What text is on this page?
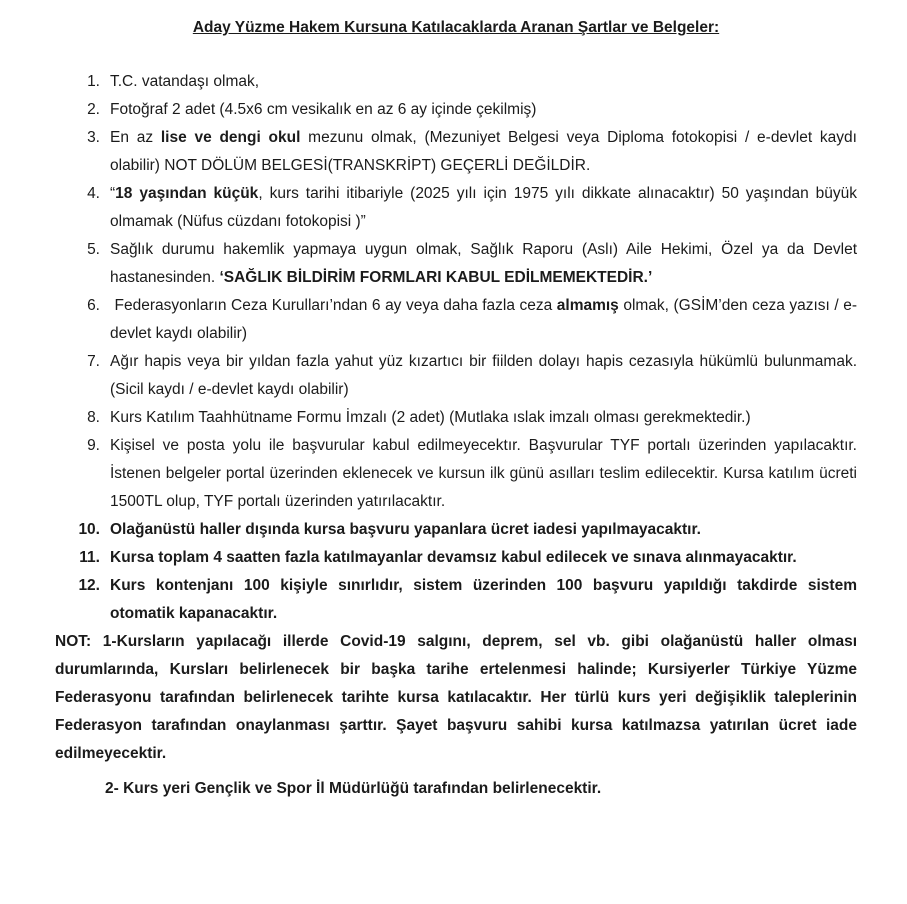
Aday Yüzme Hakem Kursuna Katılacaklarda Aranan Şartlar ve Belgeler:
1. T.C. vatandaşı olmak,
2. Fotoğraf 2 adet (4.5x6 cm vesikalık en az 6 ay içinde çekilmiş)
3. En az lise ve dengi okul mezunu olmak, (Mezuniyet Belgesi veya Diploma fotokopisi / e-devlet kaydı olabilir) NOT DÖLÜM BELGESİ(TRANSKRİPT) GEÇERLİ DEĞİLDİR.
4. “18 yaşından küçük, kurs tarihi itibariyle (2025 yılı için 1975 yılı dikkate alınacaktır) 50 yaşından büyük olmamak (Nüfus cüzdanı fotokopisi )”
5. Sağlık durumu hakemlik yapmaya uygun olmak, Sağlık Raporu (Aslı) Aile Hekimi, Özel ya da Devlet hastanesinden. ‘SAĞLIK BİLDİRİM FORMLARI KABUL EDİLMEMEKTEDİR.’
6. Federasyonların Ceza Kurulları’ndan 6 ay veya daha fazla ceza almamış olmak, (GSİM’den ceza yazısı / e-devlet kaydı olabilir)
7. Ağır hapis veya bir yıldan fazla yahut yüz kızartıcı bir fiilden dolayı hapis cezasıyla hükümlü bulunmamak. (Sicil kaydı / e-devlet kaydı olabilir)
8. Kurs Katılım Taahhütname Formu İmzalı (2 adet) (Mutlaka ıslak imzalı olması gerekmektedir.)
9. Kişisel ve posta yolu ile başvurular kabul edilmeyecektır. Başvurular TYF portalı üzerinden yapılacaktır. İstenen belgeler portal üzerinden eklenecek ve kursun ilk günü asılları teslim edilecektir. Kursa katılım ücreti 1500TL olup, TYF portalı üzerinden yatırılacaktır.
10. Olağanüstü haller dışında kursa başvuru yapanlara ücret iadesi yapılmayacaktır.
11. Kursa toplam 4 saatten fazla katılmayanlar devamsız kabul edilecek ve sınava alınmayacaktır.
12. Kurs kontenjanı 100 kişiyle sınırlıdır, sistem üzerinden 100 başvuru yapıldığı takdirde sistem otomatik kapanacaktır.

NOT: 1-Kursların yapılacağı illerde Covid-19 salgını, deprem, sel vb. gibi olağanüstü haller olması durumlarında, Kursları belirlenecek bir başka tarihe ertelenmesi halinde; Kursiyerler Türkiye Yüzme Federasyonu tarafından belirlenecek tarihte kursa katılacaktır. Her türlü kurs yeri değişiklik taleplerinin Federasyon tarafından onaylanması şarttır. Şayet başvuru sahibi kursa katılmazsa yatırılan ücret iade edilmeyecektir.

2- Kurs yeri Gençlik ve Spor İl Müdürlüğü tarafından belirlenecektir.
